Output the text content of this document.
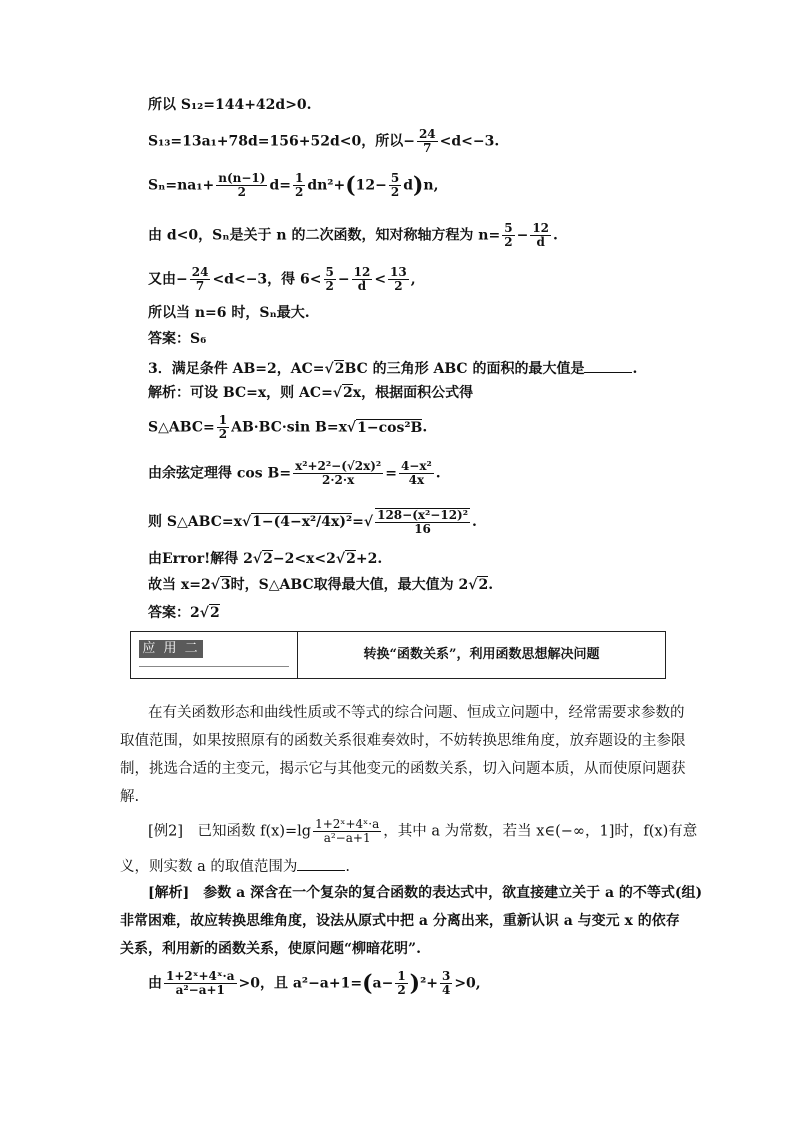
所以 S₁₂=144+42d>0.
S₁₃=13a₁+78d=156+52d<0，所以− $\frac{24}{7} <d<-3$.
$S_n=na_1+ \frac{n(n-1)}{2} d= \frac{1}{2} dn^2+(12- \frac{5}{2} d)n$,
由 d<0，Sₙ是关于 n 的二次函数，知对称轴方程为 $n= \frac{5}{2} - \frac{12}{d}$ .
又由− $\frac{24}{7} <d<-3$，得 $6< \frac{5}{2} - \frac{12}{d} < \frac{13}{2}$ ,
所以当 n=6 时，Sₙ最大.
答案：S₆
3．满足条件 AB=2，AC=√2BC 的三角形 ABC 的面积的最大值是	.
解析：可设 BC=x，则 AC=√2x，根据面积公式得
S△ABC= $\frac{1}{2} AB\cdot BC\cdot\sin$ B=x√1−cos²B.
由余弦定理得 $\cos B= \frac{\text{x²+2²−(√2x)²}}{2\cdot 2\cdot x} = \frac{\text{4−x²}}{4x}$ .
则 S△ABC=x√1−(4−x²/4x)²=√ $\frac{\text{128−(x²−12)²}}{16}$ .
由Error!解得 2√2−2<x<2√2+2.
故当 x=2√3时，S△ABC取得最大值，最大值为 2√2.
答案：2√2
应 用 二	转换“函数关系”，利用函数思想解决问题
在有关函数形态和曲线性质或不等式的综合问题、恒成立问题中，经常需要求参数的
取值范围，如果按照原有的函数关系很难奏效时，不妨转换思维角度，放弃题设的主参限
制，挑选合适的主变元，揭示它与其他变元的函数关系，切入问题本质，从而使原问题获
解.
[例2]　已知函数 $f(x)=\lg \frac{\text{1+2ˣ+4ˣ·a}}{\text{a²−a+1}}$ ，其中 a 为常数，若当 x∈(−∞，1]时，f(x)有意
义，则实数 a 的取值范围为	.
[解析]　参数 a 深含在一个复杂的复合函数的表达式中，欲直接建立关于 a 的不等式(组)
非常困难，故应转换思维角度，设法从原式中把 a 分离出来，重新认识 a 与变元 x 的依存
关系，利用新的函数关系，使原问题“柳暗花明”.
由 $\frac{\text{1+2ˣ+4ˣ·a}}{\text{a²−a+1}} >0$，且 $a^2-a+1=(a- \frac{1}{2} )^2+ \frac{3}{4} >0$,
